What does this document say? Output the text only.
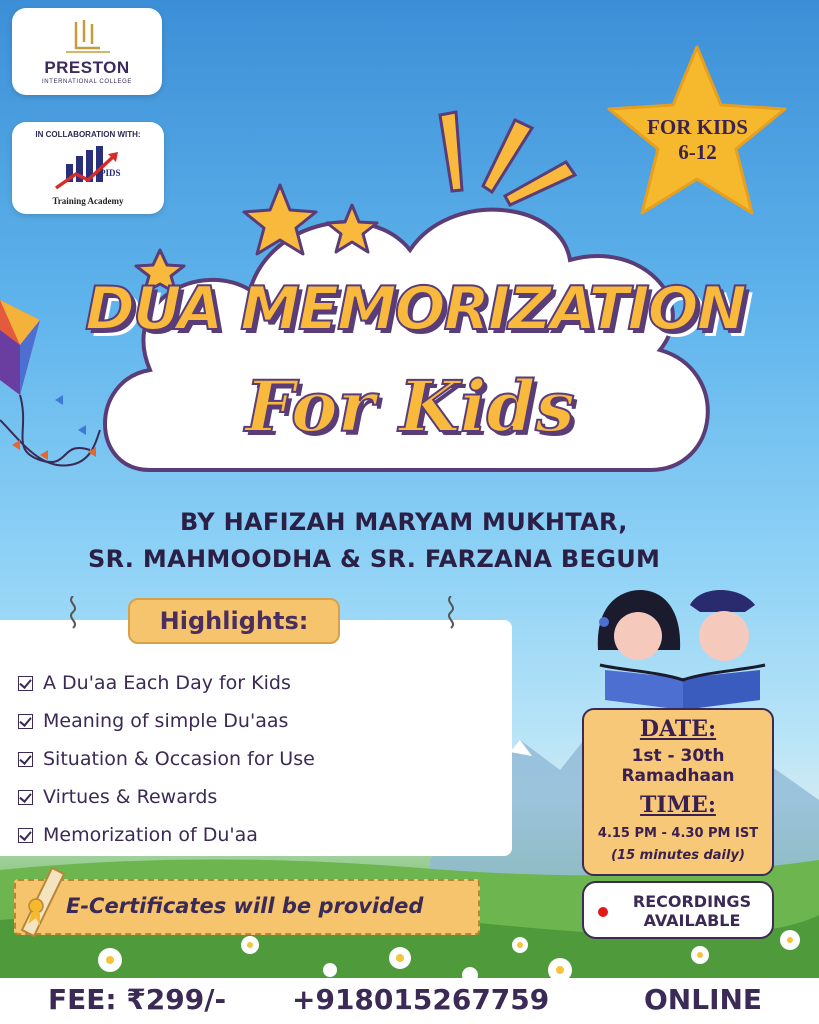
PRESTON
INTERNATIONAL COLLEGE
IN COLLABORATION WITH:
PIDS
Training Academy
FOR KIDS
6-12
DUA MEMORIZATION
For Kids
BY HAFIZAH MARYAM MUKHTAR,
SR. MAHMOODHA & SR. FARZANA BEGUM
Highlights:
A Du'aa Each Day for Kids
Meaning of simple Du'aas
Situation & Occasion for Use
Virtues & Rewards
Memorization of Du'aa
DATE:
1st - 30th
Ramadhaan
TIME:
4.15 PM - 4.30 PM IST
(15 minutes daily)
RECORDINGS
AVAILABLE
E-Certificates will be provided
FEE: ₹299/- +918015267759	ONLINE
